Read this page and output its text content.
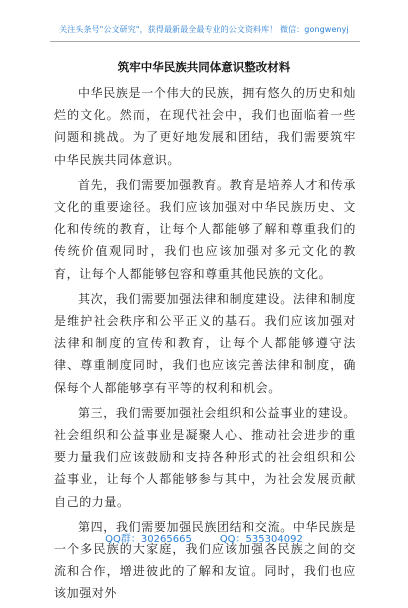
关注头条号"公文研究"，获得最新最全最专业的公文资料库！ 微信：gongwenyj
筑牢中华民族共同体意识整改材料

中华民族是一个伟大的民族，拥有悠久的历史和灿烂的文化。然而，在现代社会中，我们也面临着一些问题和挑战。为了更好地发展和团结，我们需要筑牢中华民族共同体意识。

首先，我们需要加强教育。教育是培养人才和传承文化的重要途径。我们应该加强对中华民族历史、文化和传统的教育，让每个人都能够了解和尊重我们的传统价值观同时，我们也应该加强对多元文化的教育，让每个人都能够包容和尊重其他民族的文化。

其次，我们需要加强法律和制度建设。法律和制度是维护社会秩序和公平正义的基石。我们应该加强对法律和制度的宣传和教育，让每个人都能够遵守法律、尊重制度同时，我们也应该完善法律和制度，确保每个人都能够享有平等的权利和机会。

第三，我们需要加强社会组织和公益事业的建设。社会组织和公益事业是凝聚人心、推动社会进步的重要力量我们应该鼓励和支持各种形式的社会组织和公益事业，让每个人都能够参与其中，为社会发展贡献自己的力量。

第四，我们需要加强民族团结和交流。中华民族是一个多民族的大家庭，我们应该加强各民族之间的交流和合作，增进彼此的了解和友谊。同时，我们也应该加强对外

QQ群：30265665	QQ：535304092
